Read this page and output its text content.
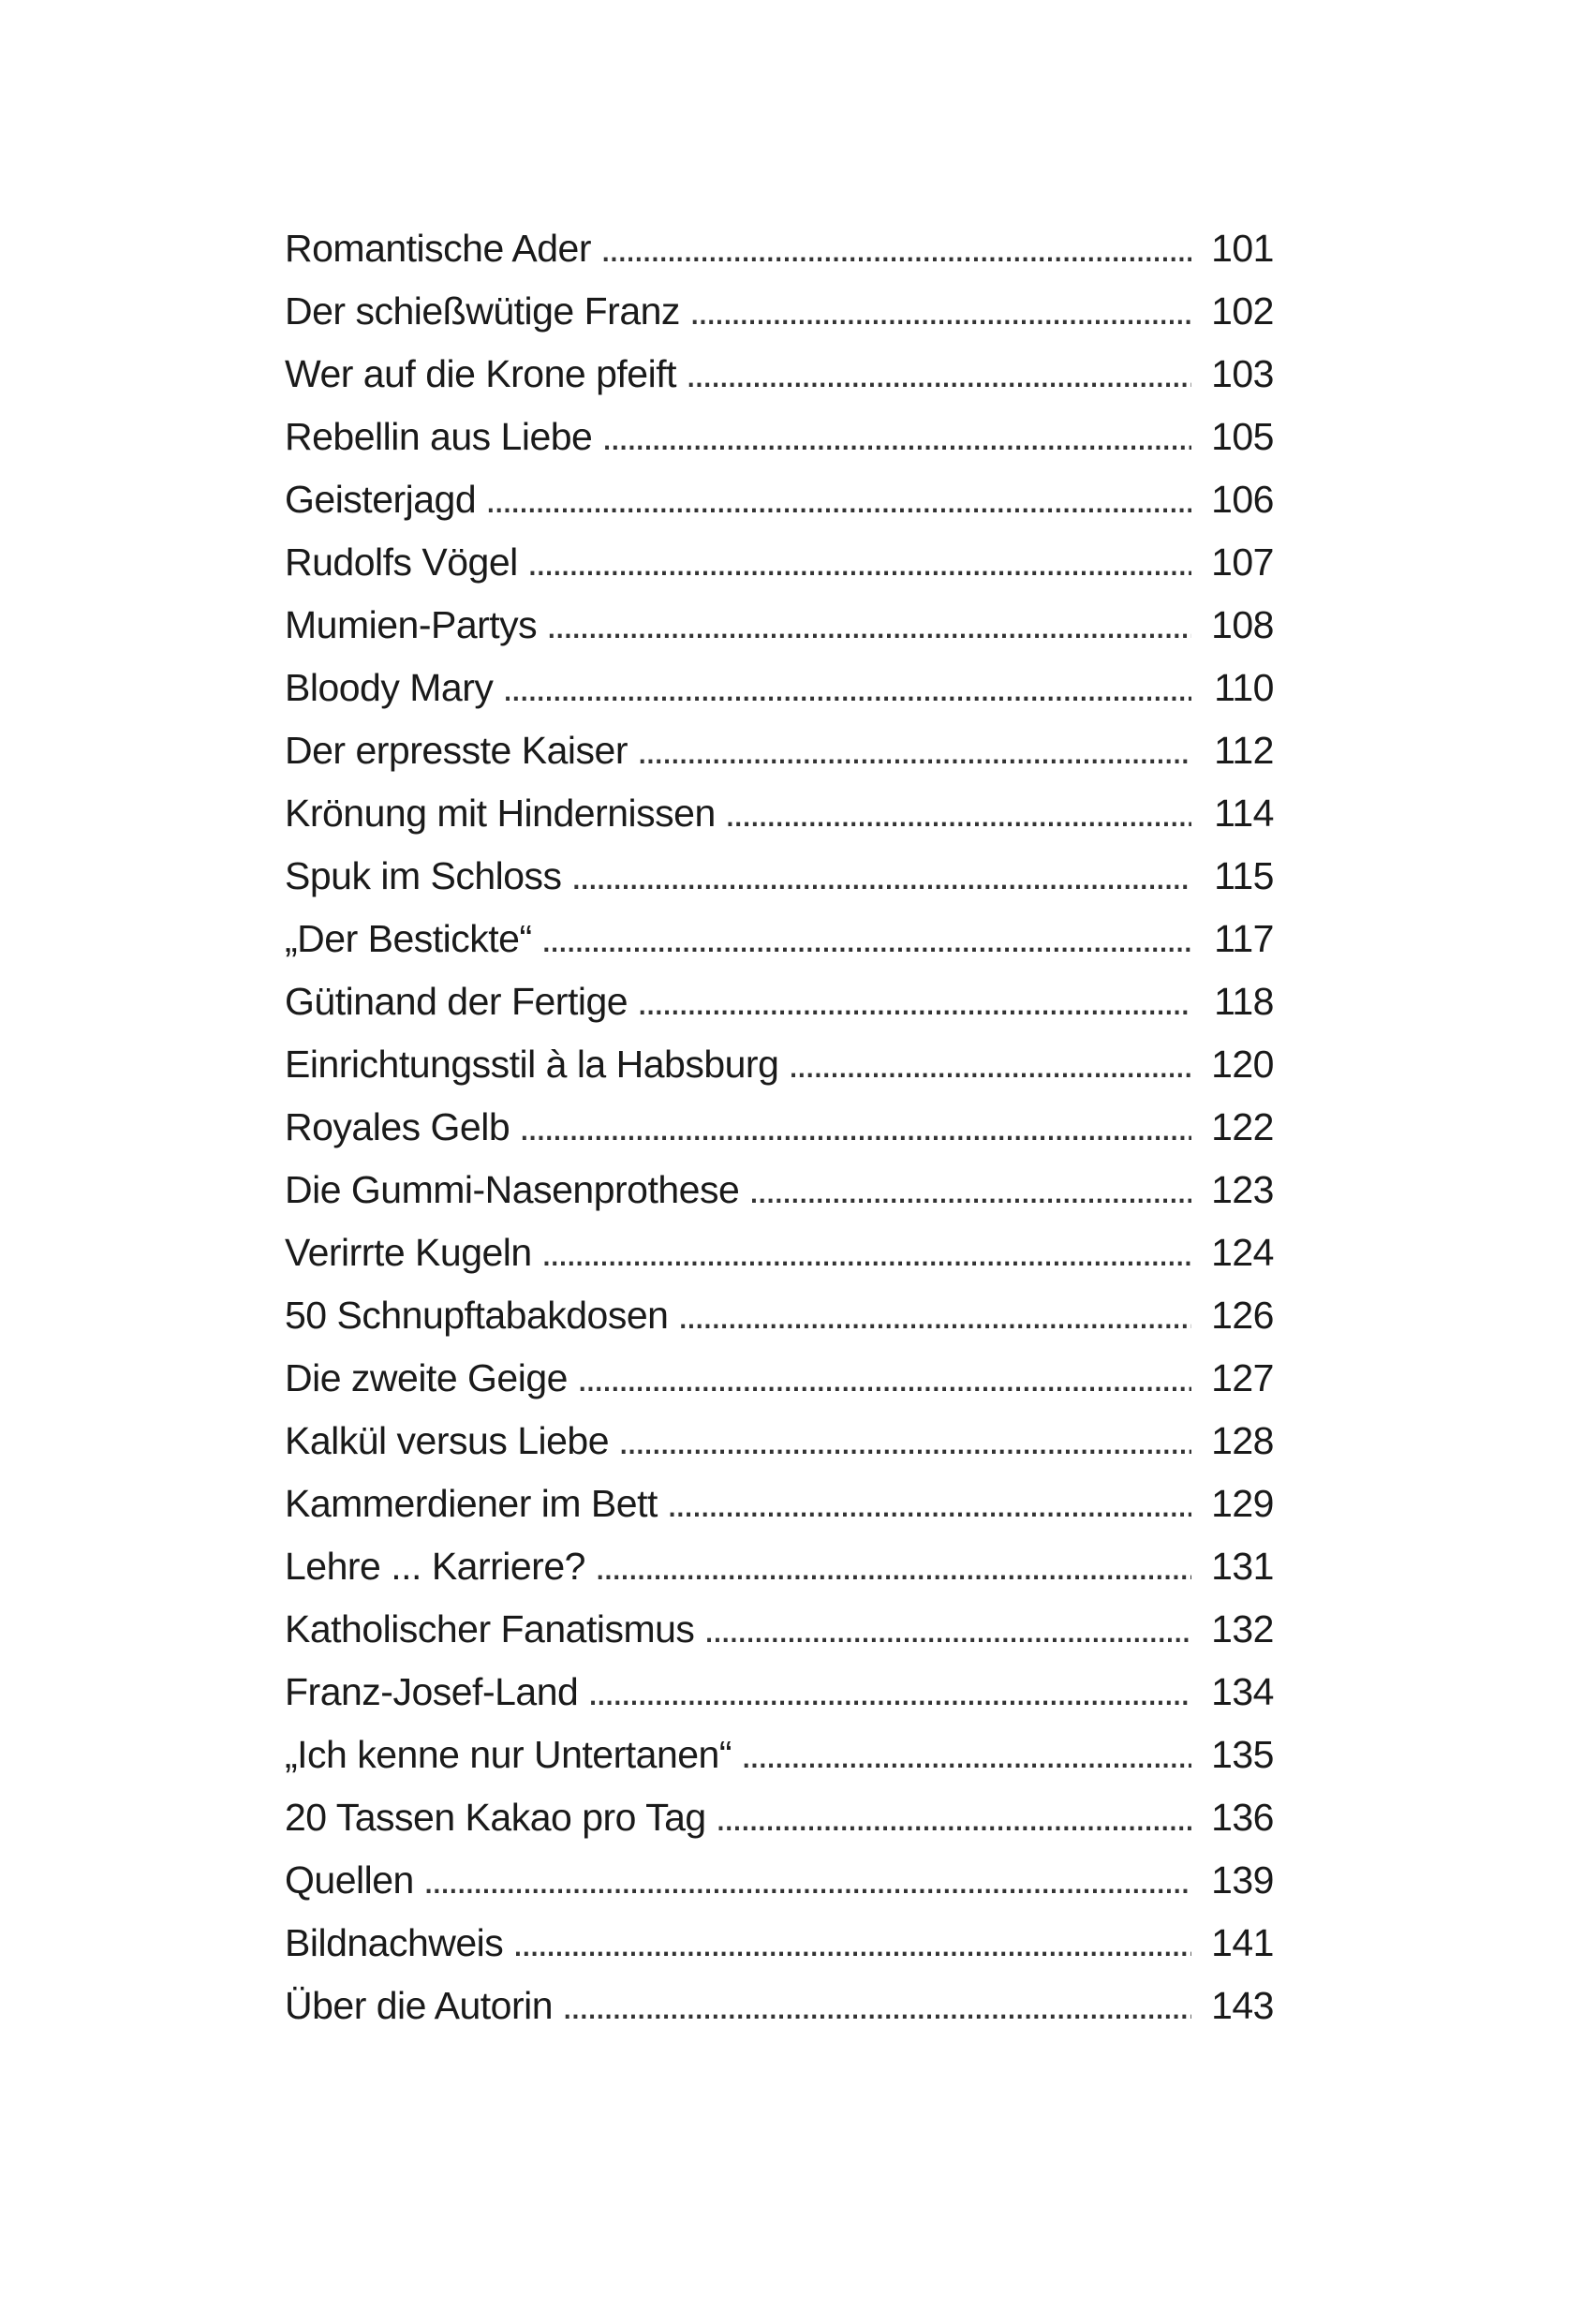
Romantische Ader . . .	101
Der schießwütige Franz . . .	102
Wer auf die Krone pfeift . . .	103
Rebellin aus Liebe . . .	105
Geisterjagd . . .	106
Rudolfs Vögel . . .	107
Mumien-Partys . . .	108
Bloody Mary . . .	110
Der erpresste Kaiser . . .	112
Krönung mit Hindernissen . . .	114
Spuk im Schloss . . .	115
„Der Bestickte“ . . .	117
Gütinand der Fertige . . .	118
Einrichtungsstil à la Habsburg . . .	120
Royales Gelb . . .	122
Die Gummi-Nasenprothese . . .	123
Verirrte Kugeln . . .	124
50 Schnupftabakdosen . . .	126
Die zweite Geige . . .	127
Kalkül versus Liebe . . .	128
Kammerdiener im Bett . . .	129
Lehre ... Karriere? . . .	131
Katholischer Fanatismus . . .	132
Franz-Josef-Land . . .	134
„Ich kenne nur Untertanen“ . . .	135
20 Tassen Kakao pro Tag . . .	136
Quellen . . .	139
Bildnachweis . . .	141
Über die Autorin . . .	143
